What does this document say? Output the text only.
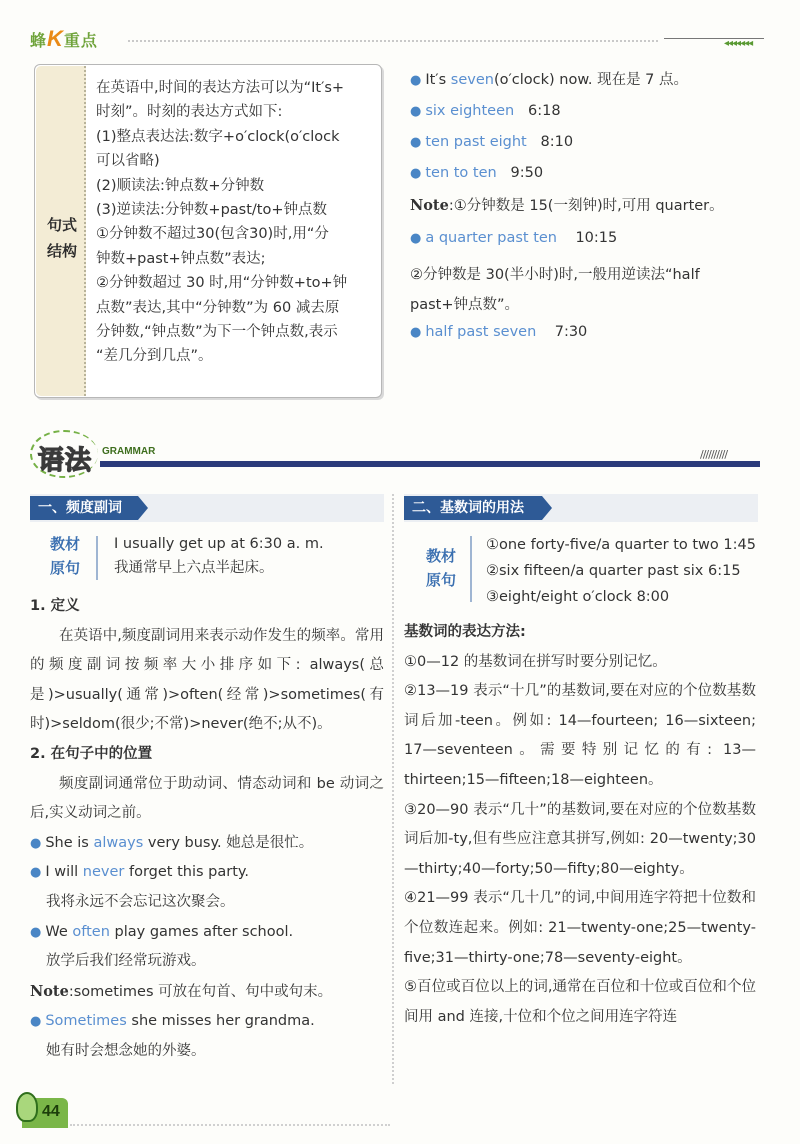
蜂K重点	◂◂◂◂◂◂◂
句式
结构
在英语中,时间的表达方法可以为“It′s+
时刻”。时刻的表达方式如下:
(1)整点表达法:数字+o′clock(o′clock
可以省略)
(2)顺读法:钟点数+分钟数
(3)逆读法:分钟数+past/to+钟点数
①分钟数不超过30(包含30)时,用“分
钟数+past+钟点数”表达;
②分钟数超过 30 时,用“分钟数+to+钟
点数”表达,其中“分钟数”为 60 减去原
分钟数,“钟点数”为下一个钟点数,表示
“差几分到几点”。
● It′s seven(o′clock) now. 现在是 7 点。
● six eighteen 6:18
● ten past eight 8:10
● ten to ten 9:50
Note:①分钟数是 15(一刻钟)时,可用 quarter。
● a quarter past ten 10:15
②分钟数是 30(半小时)时,一般用逆读法“half
past+钟点数”。
● half past seven 7:30
语法 GRAMMAR	//////////
一、频度副词
教材
原句
I usually get up at 6:30 a. m.
我通常早上六点半起床。
1. 定义
在英语中,频度副词用来表示动作发生的频率。常用的频度副词按频率大小排序如下: always(总是)>usually(通常)>often(经常)>sometimes(有时)>seldom(很少;不常)>never(绝不;从不)。
2. 在句子中的位置
频度副词通常位于助动词、情态动词和 be 动词之后,实义动词之前。
● She is always very busy. 她总是很忙。
● I will never forget this party.
我将永远不会忘记这次聚会。
● We often play games after school.
放学后我们经常玩游戏。
Note:sometimes 可放在句首、句中或句末。
● Sometimes she misses her grandma.
她有时会想念她的外婆。
二、基数词的用法
教材
原句
①one forty-five/a quarter to two 1:45
②six fifteen/a quarter past six 6:15
③eight/eight o′clock 8:00
基数词的表达方法:
①0—12 的基数词在拼写时要分别记忆。
②13—19 表示“十几”的基数词,要在对应的个位数基数词后加-teen。例如: 14—fourteen; 16—sixteen; 17—seventeen。需要特别记忆的有: 13—thirteen;15—fifteen;18—eighteen。
③20—90 表示“几十”的基数词,要在对应的个位数基数词后加-ty,但有些应注意其拼写,例如: 20—twenty;30—thirty;40—forty;50—fifty;80—eighty。
④21—99 表示“几十几”的词,中间用连字符把十位数和个位数连起来。例如: 21—twenty-one;25—twenty-five;31—thirty-one;78—seventy-eight。
⑤百位或百位以上的词,通常在百位和十位或百位和个位间用 and 连接,十位和个位之间用连字符连
44
